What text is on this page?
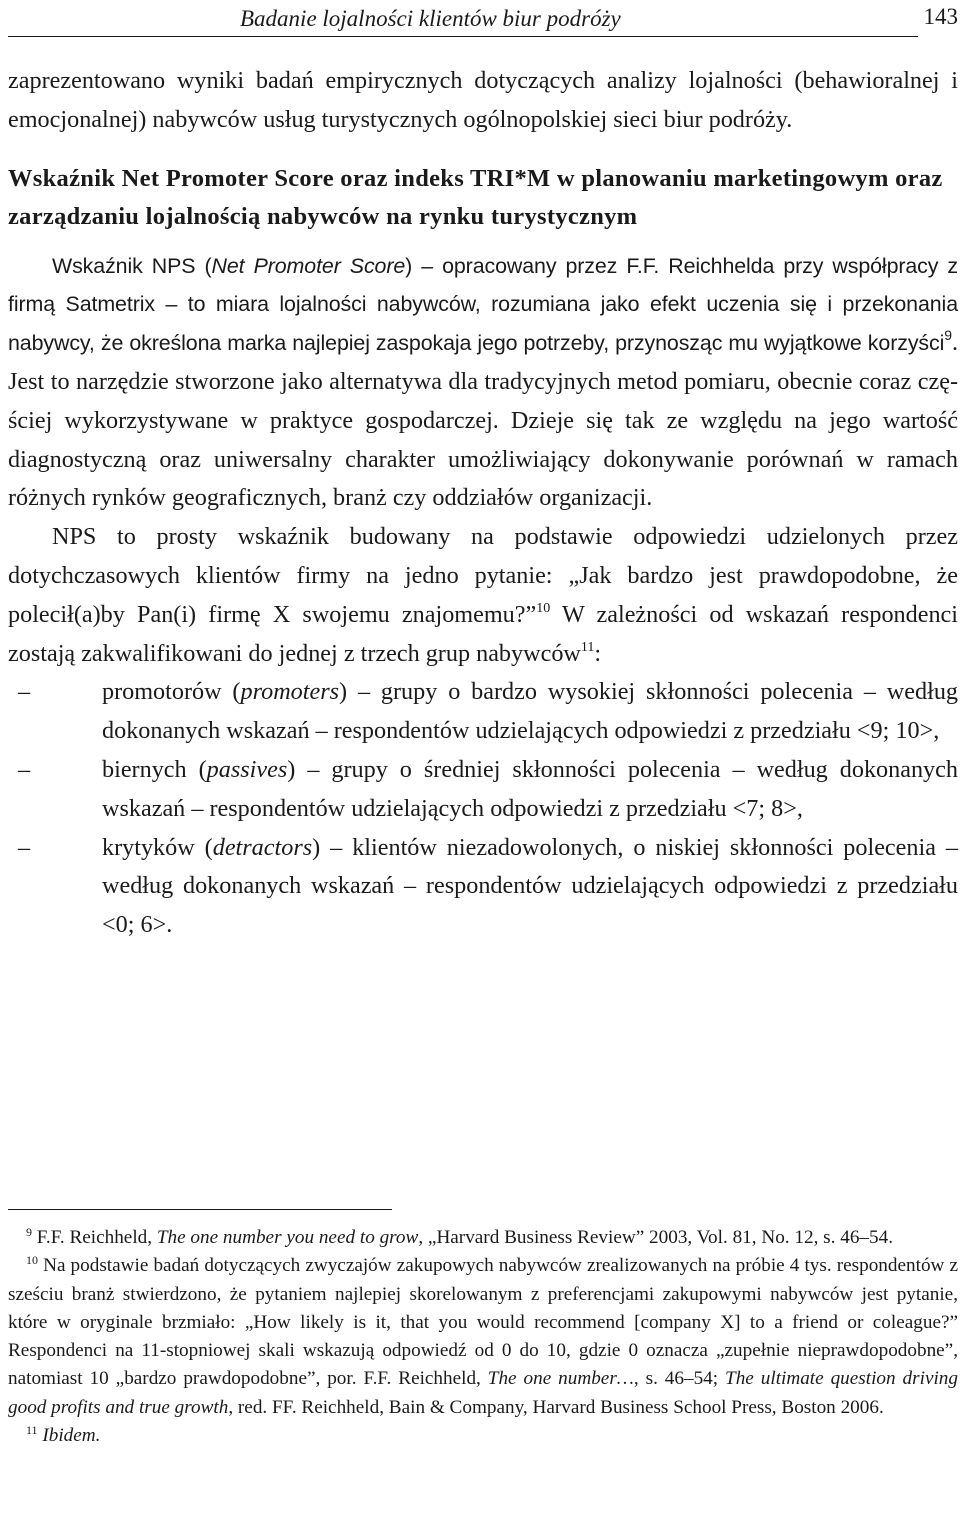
Badanie lojalności klientów biur podróży	143

zaprezentowano wyniki badań empirycznych dotyczących analizy lojalności (behawioralnej i emocjonalnej) nabywców usług turystycznych ogólnopolskiej sieci biur podróży.

Wskaźnik Net Promoter Score oraz indeks TRI*M w planowaniu marketingowym oraz zarządzaniu lojalnością nabywców na rynku turystycznym

Wskaźnik NPS (Net Promoter Score) – opracowany przez F.F. Reichhelda przy współpracy z firmą Satmetrix – to miara lojalności nabywców, rozumiana jako efekt uczenia się i przekonania nabywcy, że określona marka najlepiej zaspokaja jego potrzeby, przynosząc mu wyjątkowe korzyści$^9$. Jest to narzędzie stworzone jako alternatywa dla tradycyjnych metod pomiaru, obecnie coraz częściej wykorzystywane w praktyce gospodarczej. Dzieje się tak ze względu na jego wartość diagnostyczną oraz uniwersalny charakter umożliwiający dokonywanie porównań w ramach różnych rynków geograficznych, branż czy oddziałów organizacji.

NPS to prosty wskaźnik budowany na podstawie odpowiedzi udzielonych przez dotychczasowych klientów firmy na jedno pytanie: „Jak bardzo jest prawdopodobne, że polecił(a)by Pan(i) firmę X swojemu znajomemu?”$^{10}$ W zależności od wskazań respondenci zostają zakwalifikowani do jednej z trzech grup nabywców$^{11}$:

–	promotorów (promoters) – grupy o bardzo wysokiej skłonności polecenia – według dokonanych wskazań – respondentów udzielających odpowiedzi z przedziału <9; 10>,
–	biernych (passives) – grupy o średniej skłonności polecenia – według dokonanych wskazań – respondentów udzielających odpowiedzi z przedziału <7; 8>,
–	krytyków (detractors) – klientów niezadowolonych, o niskiej skłonności polecenia – według dokonanych wskazań – respondentów udzielających odpowiedzi z przedziału <0; 6>.

$^9$ F.F. Reichheld, The one number you need to grow, „Harvard Business Review” 2003, Vol. 81, No. 12, s. 46–54.

$^{10}$ Na podstawie badań dotyczących zwyczajów zakupowych nabywców zrealizowanych na próbie 4 tys. respondentów z sześciu branż stwierdzono, że pytaniem najlepiej skorelowanym z preferencjami zakupowymi nabywców jest pytanie, które w oryginale brzmiało: „How likely is it, that you would recommend [company X] to a friend or coleague?” Respondenci na 11-stopniowej skali wskazują odpowiedź od 0 do 10, gdzie 0 oznacza „zupełnie nieprawdopodobne”, natomiast 10 „bardzo prawdopodobne”, por. F.F. Reichheld, The one number…, s. 46–54; The ultimate question driving good profits and true growth, red. FF. Reichheld, Bain & Company, Harvard Business School Press, Boston 2006.

$^{11}$ Ibidem.
